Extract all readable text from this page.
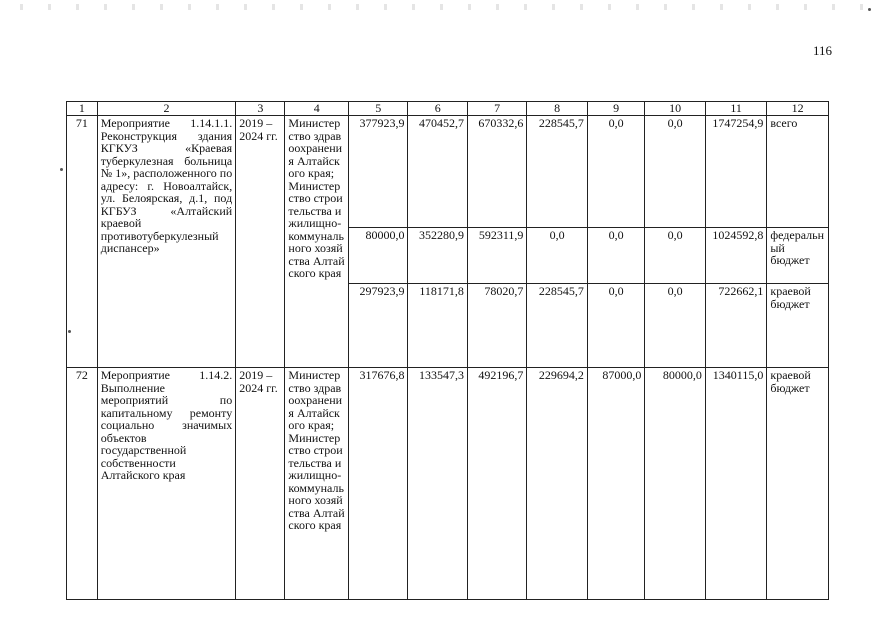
116
1	2	3	4	5	6	7	8	9	10	11	12
71	Мероприятие 1.14.1.1. Реконструкция здания КГКУЗ «Краевая туберкулезная больница № 1», расположенного по адресу: г. Новоалтайск, ул. Белоярская, д.1, под КГБУЗ «Алтайский краевой противотуберкулезный диспансер»	2019 – 2024 гг.	Министерство здравоохранения Алтайского края; Министерство строительства и жилищно-коммунального хозяйства Алтайского края	377923,9	470452,7	670332,6	228545,7	0,0	0,0	1747254,9	всего
				80000,0	352280,9	592311,9	0,0	0,0	0,0	1024592,8	федеральный бюджет
				297923,9	118171,8	78020,7	228545,7	0,0	0,0	722662,1	краевой бюджет
72	Мероприятие 1.14.2. Выполнение мероприятий по капитальному ремонту социально значимых объектов государственной собственности Алтайского края	2019 – 2024 гг.	Министерство здравоохранения Алтайского края; Министерство строительства и жилищно-коммунального хозяйства Алтайского края	317676,8	133547,3	492196,7	229694,2	87000,0	80000,0	1340115,0	краевой бюджет
